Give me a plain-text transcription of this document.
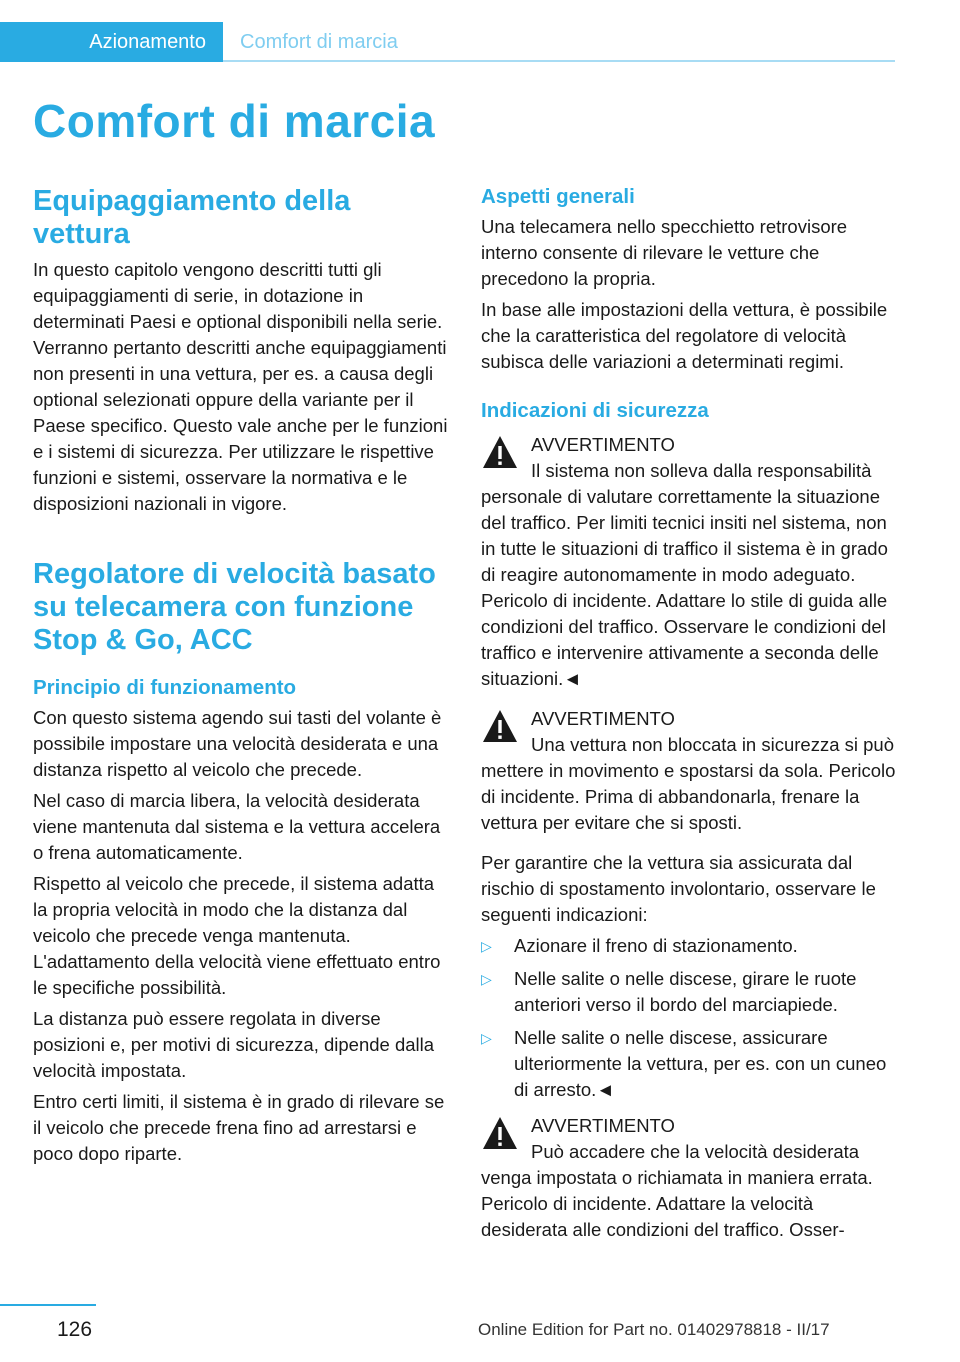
Azionamento	Comfort di marcia
Comfort di marcia
Equipaggiamento della vettura

In questo capitolo vengono descritti tutti gli equipaggiamenti di serie, in dotazione in determinati Paesi e optional disponibili nella serie. Verranno pertanto descritti anche equipaggiamenti non presenti in una vettura, per es. a causa degli optional selezionati oppure della variante per il Paese specifico. Questo vale anche per le funzioni e i sistemi di sicurezza. Per utilizzare le rispettive funzioni e sistemi, osservare la normativa e le disposizioni nazionali in vigore.

Regolatore di velocità basato su telecamera con funzione Stop & Go, ACC
Principio di funzionamento

Con questo sistema agendo sui tasti del volante è possibile impostare una velocità desiderata e una distanza rispetto al veicolo che precede.

Nel caso di marcia libera, la velocità desiderata viene mantenuta dal sistema e la vettura accelera o frena automaticamente.

Rispetto al veicolo che precede, il sistema adatta la propria velocità in modo che la distanza dal veicolo che precede venga mantenuta. L'adattamento della velocità viene effettuato entro le specifiche possibilità.

La distanza può essere regolata in diverse posizioni e, per motivi di sicurezza, dipende dalla velocità impostata.

Entro certi limiti, il sistema è in grado di rilevare se il veicolo che precede frena fino ad arrestarsi e poco dopo riparte.

Aspetti generali

Una telecamera nello specchietto retrovisore interno consente di rilevare le vetture che precedono la propria.

In base alle impostazioni della vettura, è possibile che la caratteristica del regolatore di velocità subisca delle variazioni a determinati regimi.

Indicazioni di sicurezza
AVVERTIMENTO

Il sistema non solleva dalla responsabilità personale di valutare correttamente la situazione del traffico. Per limiti tecnici insiti nel sistema, non in tutte le situazioni di traffico il sistema è in grado di reagire autonomamente in modo adeguato. Pericolo di incidente. Adattare lo stile di guida alle condizioni del traffico. Osservare le condizioni del traffico e intervenire attivamente a seconda delle situazioni.◄

AVVERTIMENTO

Una vettura non bloccata in sicurezza si può mettere in movimento e spostarsi da sola. Pericolo di incidente. Prima di abbandonarla, frenare la vettura per evitare che si sposti.

Per garantire che la vettura sia assicurata dal rischio di spostamento involontario, osservare le seguenti indicazioni:

▷ Azionare il freno di stazionamento.
▷ Nelle salite o nelle discese, girare le ruote anteriori verso il bordo del marciapiede.
▷ Nelle salite o nelle discese, assicurare ulteriormente la vettura, per es. con un cuneo di arresto.◄
AVVERTIMENTO

Può accadere che la velocità desiderata venga impostata o richiamata in maniera errata. Pericolo di incidente. Adattare la velocità desiderata alle condizioni del traffico. Osser-

126	Online Edition for Part no. 01402978818 - II/17
